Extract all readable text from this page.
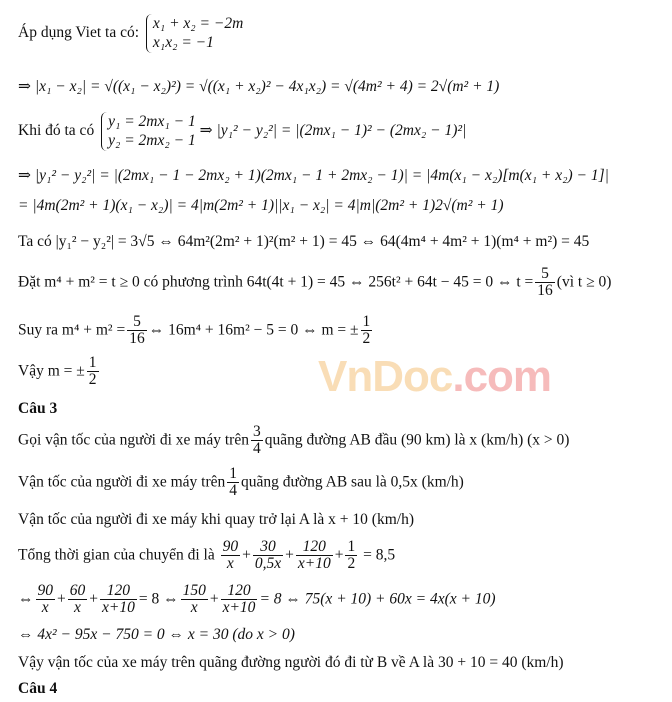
VnDoc.com
Áp dụng Viet ta có:
x₁ + x₂ = −2m
x₁x₂ = −1
⇒ |x₁ − x₂| = √((x₁ − x₂)²) = √((x₁ + x₂)² − 4x₁x₂) = √(4m² + 4) = 2√(m² + 1)
Khi đó ta có
y₁ = 2mx₁ − 1
y₂ = 2mx₂ − 1
⇒ |y₁² − y₂²| = |(2mx₁ − 1)² − (2mx₂ − 1)²|
⇒ |y₁² − y₂²| = |(2mx₁ − 1 − 2mx₂ + 1)(2mx₁ − 1 + 2mx₂ − 1)| = |4m(x₁ − x₂)[m(x₁ + x₂) − 1]|
= |4m(2m² + 1)(x₁ − x₂)| = 4|m(2m² + 1)||x₁ − x₂| = 4|m|(2m² + 1)2√(m² + 1)
Ta có |y₁² − y₂²| = 3√5 ⇔ 64m²(2m² + 1)²(m² + 1) = 45 ⇔ 64(4m⁴ + 4m² + 1)(m⁴ + m²) = 45
Đặt m⁴ + m² = t ≥ 0 có phương trình 64t(4t + 1) = 45 ⇔ 256t² + 64t − 45 = 0 ⇔ $t = \frac{5}{16}$ (vì t ≥ 0)
Suy ra $m^4 + m^2 = \frac{5}{16}$ ⇔ 16m⁴ + 16m² − 5 = 0 ⇔ m = ± $\frac{1}{2}$
Vậy m = ± $\frac{1}{2}$
Câu 3
Gọi vận tốc của người đi xe máy trên $\frac{3}{4}$ quãng đường AB đầu (90 km) là x (km/h) (x > 0)
Vận tốc của người đi xe máy trên $\frac{1}{4}$ quãng đường AB sau là 0,5x (km/h)
Vận tốc của người đi xe máy khi quay trở lại A là x + 10 (km/h)
Tổng thời gian của chuyển đi là $\frac{90}{x} + \frac{30}{0,5x} + \frac{120}{x+10} + \frac{1}{2} = 8,5$
⇔ $\frac{90}{x} + \frac{60}{x} + \frac{120}{x+10} = 8$ ⇔ $\frac{150}{x} + \frac{120}{x+10} = 8$ ⇔ 75(x + 10) + 60x = 4x(x + 10)
⇔ 4x² − 95x − 750 = 0 ⇔ x = 30 (do x > 0)
Vậy vận tốc của xe máy trên quãng đường người đó đi từ B về A là 30 + 10 = 40 (km/h)
Câu 4
